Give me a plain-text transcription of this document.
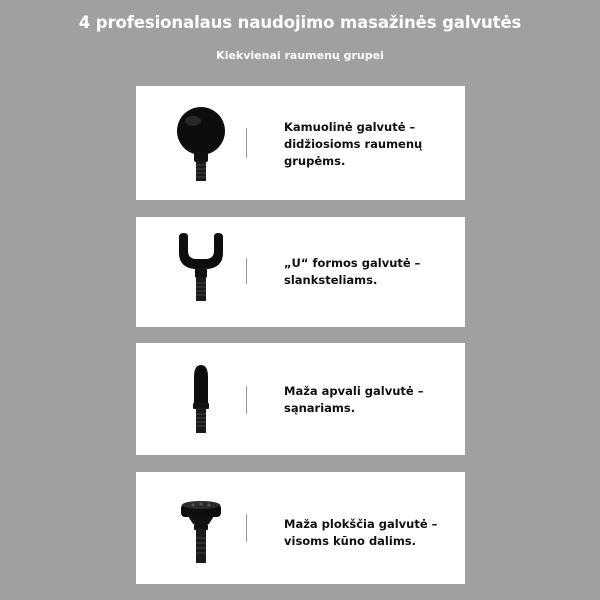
4 profesionalaus naudojimo masažinės galvutės
Kiekvienai raumenų grupei
Kamuolinė galvutė –
didžiosioms raumenų
grupėms.
„U“ formos galvutė –
slanksteliams.
Maža apvali galvutė –
sąnariams.
Maža plokščia galvutė –
visoms kūno dalims.
